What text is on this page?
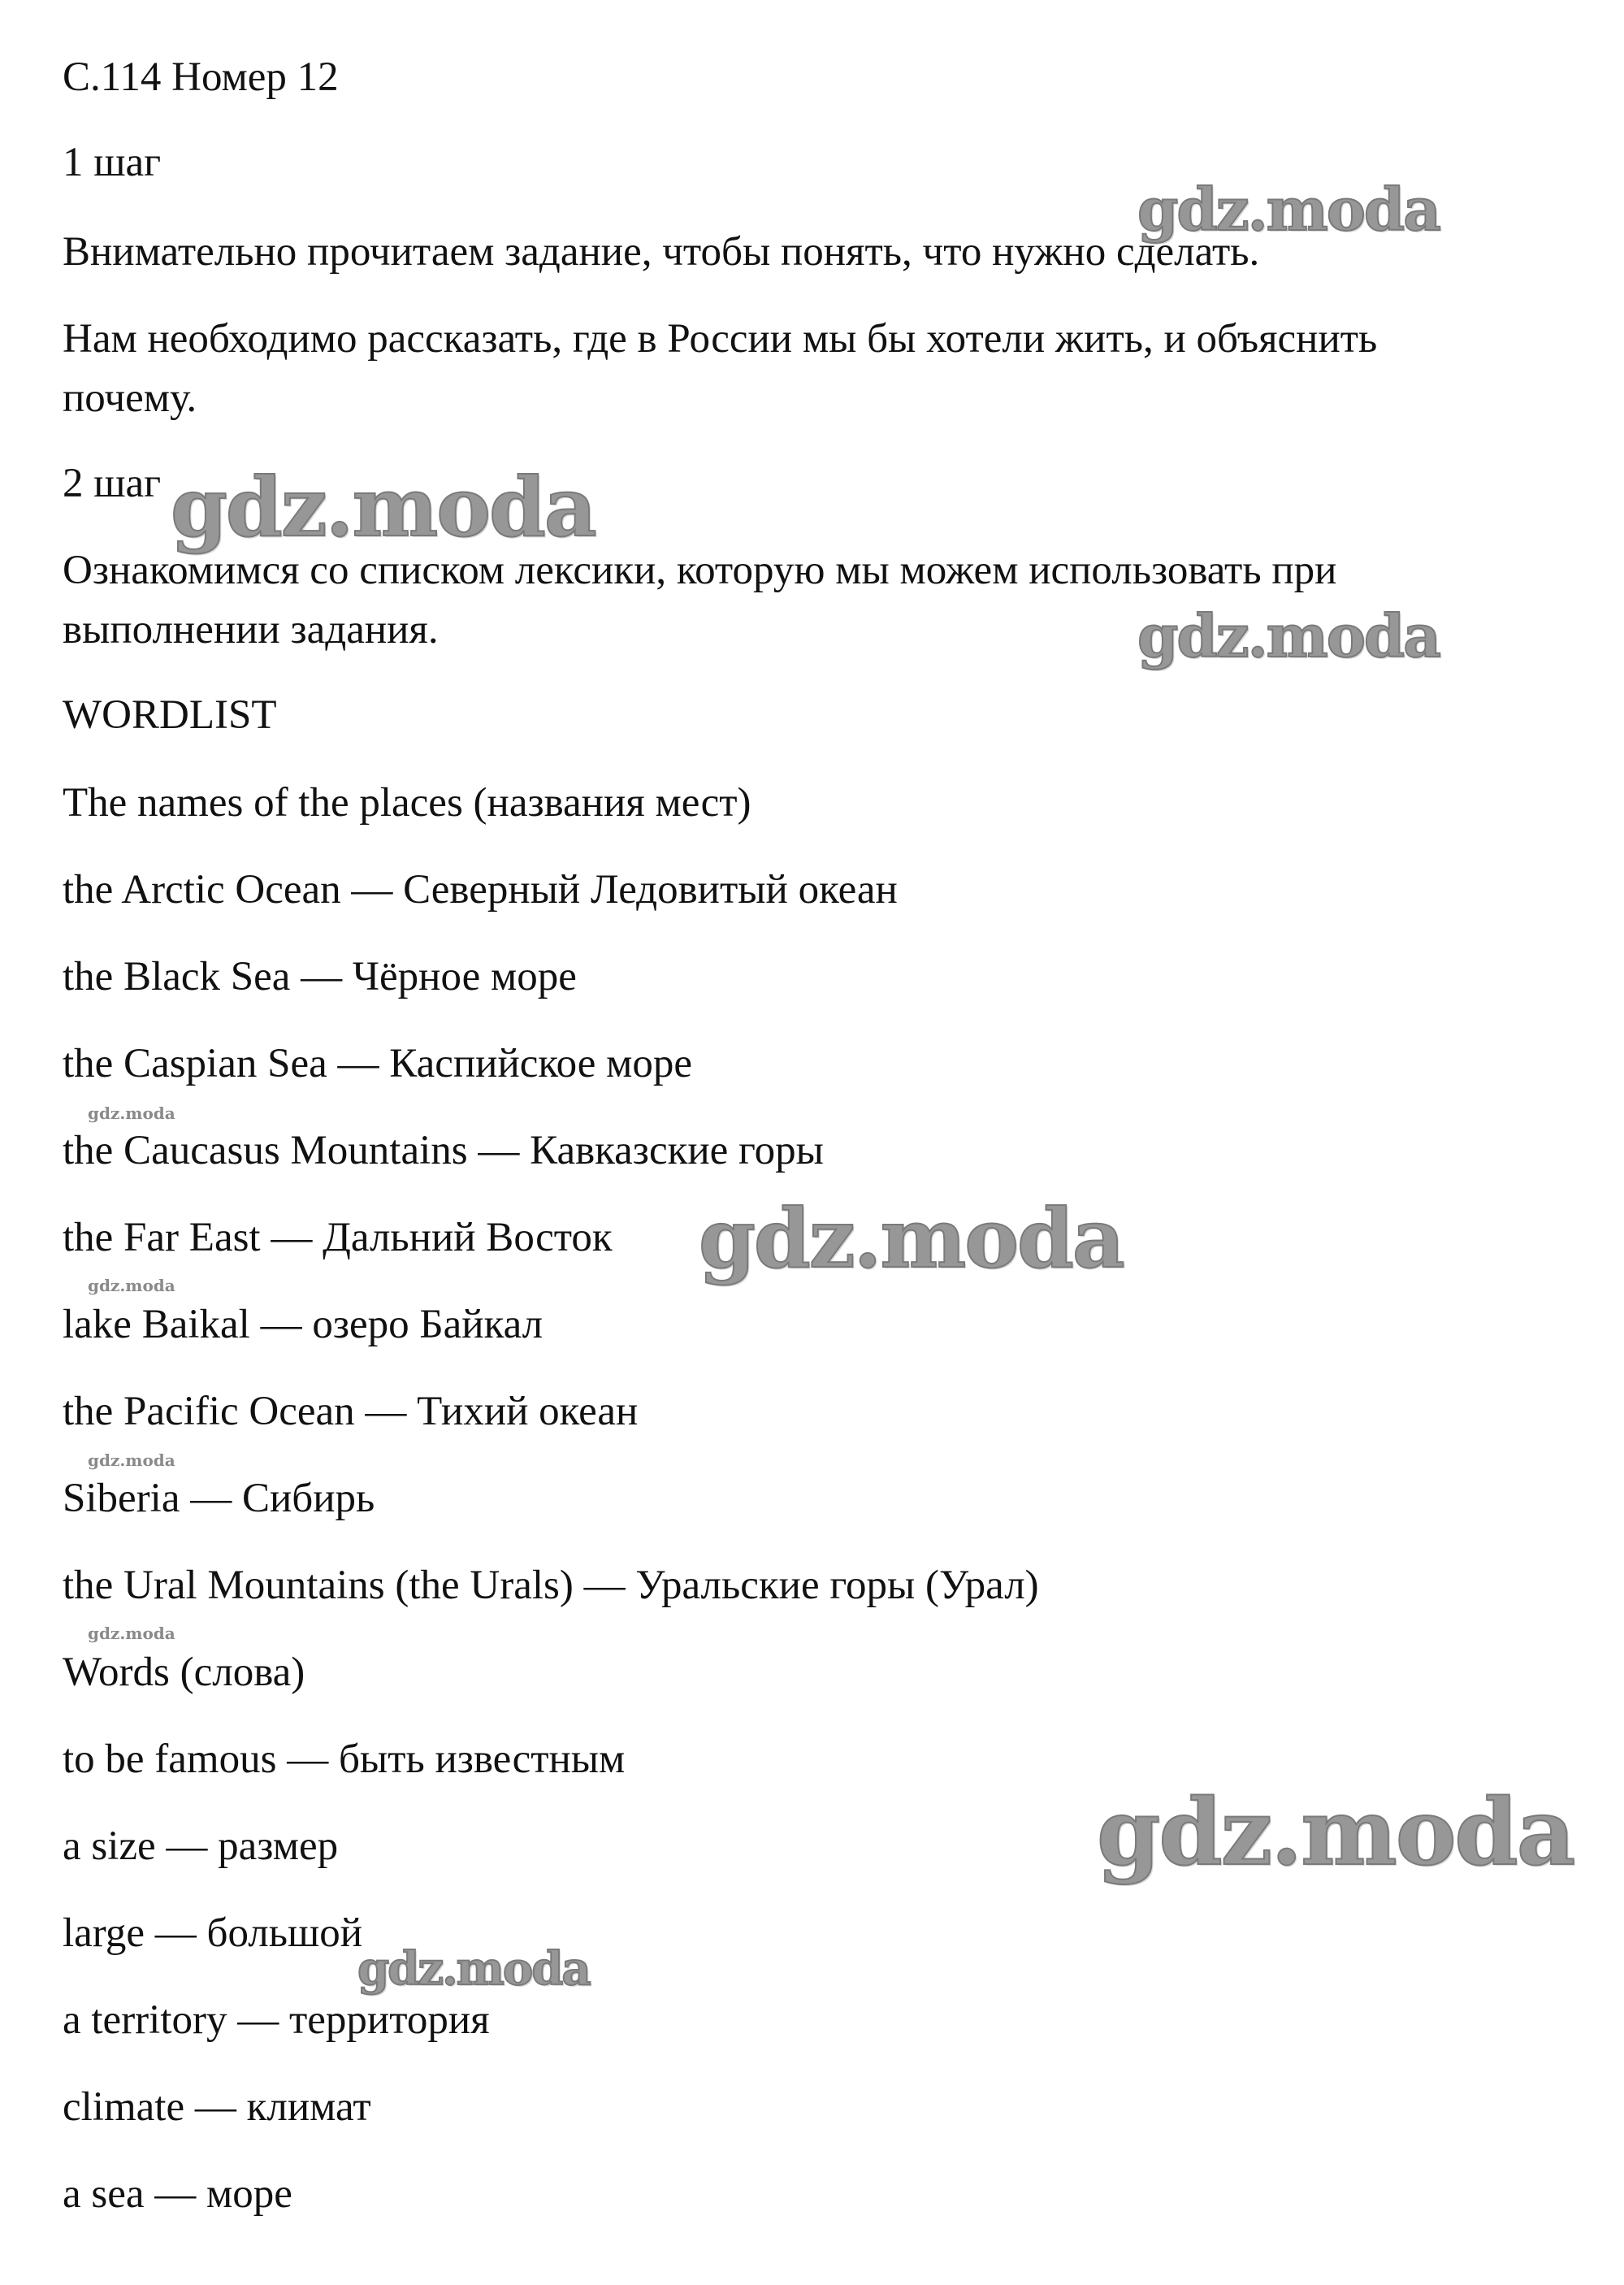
С.114 Номер 12

1 шаг

Внимательно прочитаем задание, чтобы понять, что нужно сделать.

Нам необходимо рассказать, где в России мы бы хотели жить, и объяснить

почему.

2 шаг

Ознакомимся со списком лексики, которую мы можем использовать при

выполнении задания.

WORDLIST

The names of the places (названия мест)

the Arctic Ocean — Северный Ледовитый океан

the Black Sea — Чёрное море

the Caspian Sea — Каспийское море

the Caucasus Mountains — Кавказские горы

the Far East — Дальний Восток

lake Baikal — озеро Байкал

the Pacific Ocean — Тихий океан

Siberia — Сибирь

the Ural Mountains (the Urals) — Уральские горы (Урал)

Words (слова)

to be famous — быть известным

a size — размер

large — большой

a territory — территория

climate — климат

a sea — море

gdz.moda
gdz.moda
gdz.moda
gdz.moda
gdz.moda
gdz.moda
gdz.moda
gdz.moda
gdz.moda
gdz.moda
